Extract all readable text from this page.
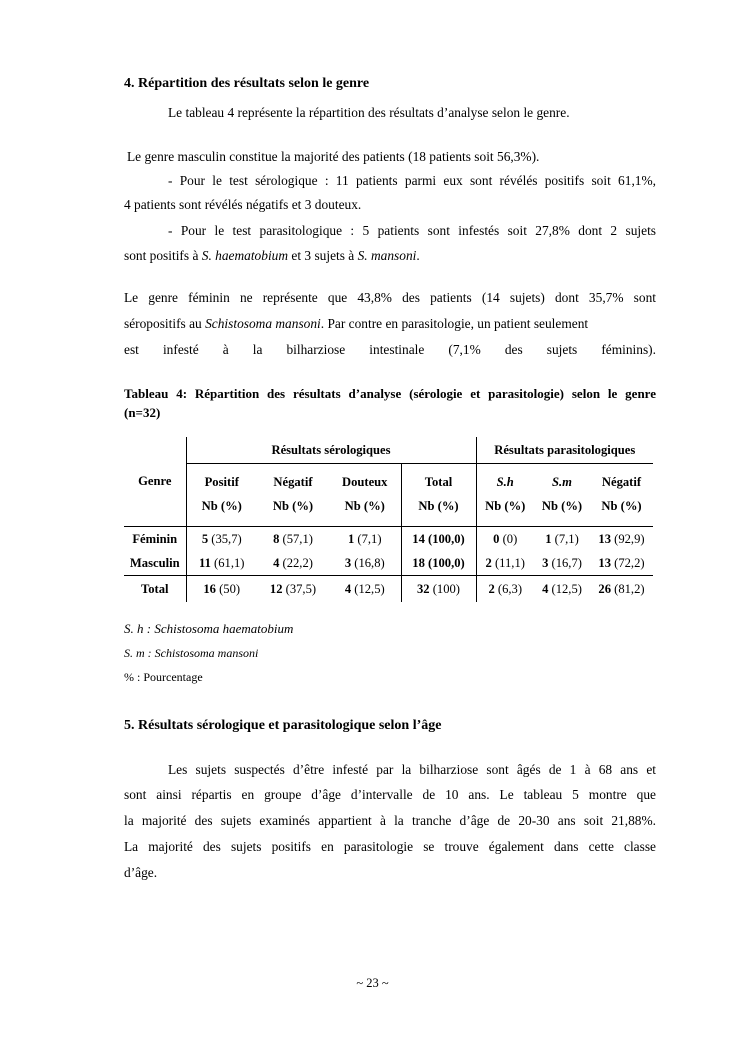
4. Répartition des résultats selon le genre
Le tableau 4 représente la répartition des résultats d’analyse selon le genre.
Le genre masculin constitue la majorité des patients (18 patients soit 56,3%).
- Pour le test sérologique : 11 patients parmi eux sont révélés positifs soit 61,1%,
4 patients sont révélés négatifs et 3 douteux.
- Pour le test parasitologique : 5 patients sont infestés soit 27,8% dont 2 sujets
sont positifs à S. haematobium et 3 sujets à S. mansoni.
Le genre féminin ne représente que 43,8% des patients (14 sujets) dont 35,7% sont
séropositifs au Schistosoma mansoni. Par contre en parasitologie, un patient seulement
est infesté à la bilharziose intestinale (7,1% des sujets féminins).
Tableau 4: Répartition des résultats d’analyse (sérologie et parasitologie) selon le genre
(n=32)
Genre	Résultats sérologiques				Résultats parasitologiques		
	Positif	Négatif	Douteux	Total	S.h	S.m	Négatif
	Nb (%)	Nb (%)	Nb (%)	Nb (%)	Nb (%)	Nb (%)	Nb (%)
Féminin	5 (35,7)	8 (57,1)	1 (7,1)	14 (100,0)	0 (0)	1 (7,1)	13 (92,9)
Masculin	11 (61,1)	4 (22,2)	3 (16,8)	18 (100,0)	2 (11,1)	3 (16,7)	13 (72,2)
Total	16 (50)	12 (37,5)	4 (12,5)	32 (100)	2 (6,3)	4 (12,5)	26 (81,2)
S. h : Schistosoma haematobium
S. m : Schistosoma mansoni
% : Pourcentage
5. Résultats sérologique et parasitologique selon l’âge
Les sujets suspectés d’être infesté par la bilharziose sont âgés de 1 à 68 ans et
sont ainsi répartis en groupe d’âge d’intervalle de 10 ans. Le tableau 5 montre que
la majorité des sujets examinés appartient à la tranche d’âge de 20-30 ans soit 21,88%.
La majorité des sujets positifs en parasitologie se trouve également dans cette classe
d’âge.
~ 23 ~
